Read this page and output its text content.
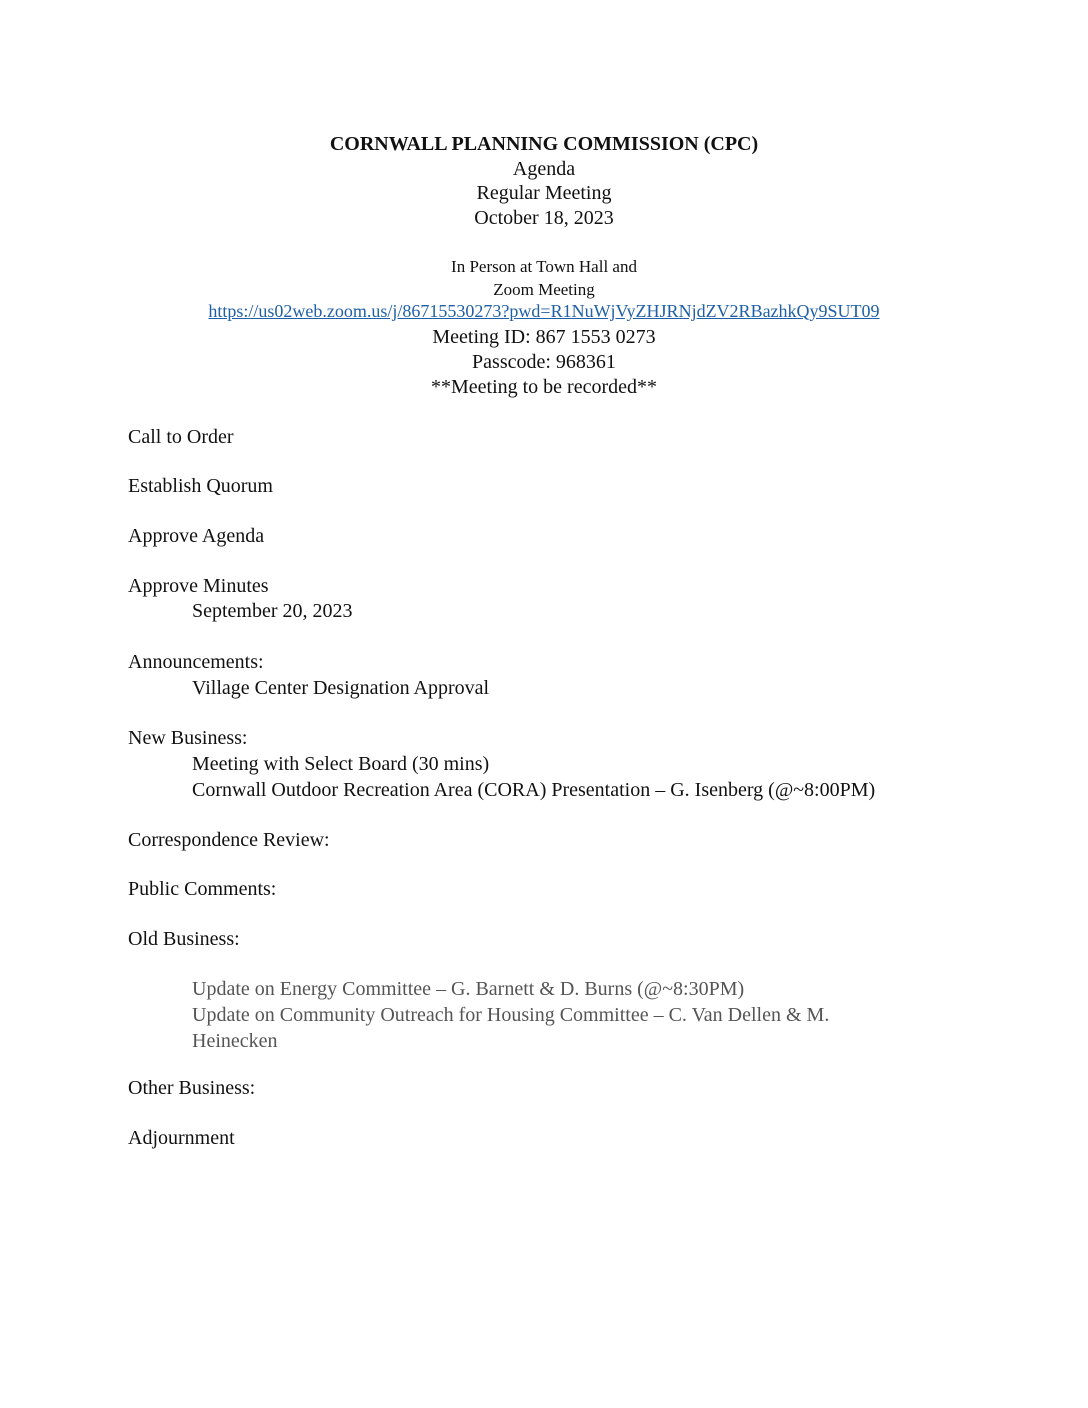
CORNWALL PLANNING COMMISSION (CPC)
Agenda
Regular Meeting
October 18, 2023
In Person at Town Hall and
Zoom Meeting
https://us02web.zoom.us/j/86715530273?pwd=R1NuWjVyZHJRNjdZV2RBazhkQy9SUT09
Meeting ID: 867 1553 0273
Passcode: 968361
**Meeting to be recorded**
Call to Order
Establish Quorum
Approve Agenda
Approve Minutes
September 20, 2023
Announcements:
Village Center Designation Approval
New Business:
Meeting with Select Board (30 mins)
Cornwall Outdoor Recreation Area (CORA) Presentation – G. Isenberg (@~8:00PM)
Correspondence Review:
Public Comments:
Old Business:
Update on Energy Committee – G. Barnett & D. Burns (@~8:30PM)
Update on Community Outreach for Housing Committee – C. Van Dellen & M.
Heinecken
Other Business:
Adjournment
